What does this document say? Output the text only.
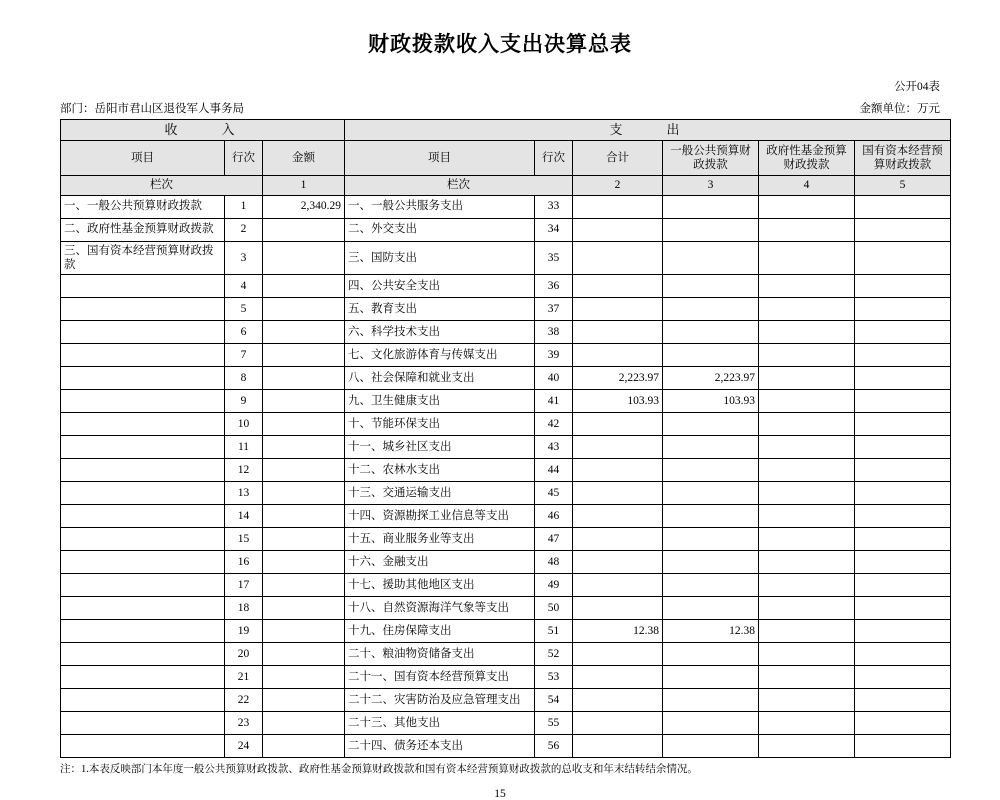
财政拨款收入支出决算总表
公开04表
部门：岳阳市君山区退役军人事务局	金额单位：万元
收　　入			支　　出					
项目	行次	金额	项目	行次	合计	一般公共预算财政拨款	政府性基金预算财政拨款	国有资本经营预算财政拨款
栏次		1	栏次		2	3	4	5
一、一般公共预算财政拨款	1	2,340.29	一、一般公共服务支出	33				
二、政府性基金预算财政拨款	2		二、外交支出	34				
三、国有资本经营预算财政拨款	3		三、国防支出	35				
	4		四、公共安全支出	36				
	5		五、教育支出	37				
	6		六、科学技术支出	38				
	7		七、文化旅游体育与传媒支出	39				
	8		八、社会保障和就业支出	40	2,223.97	2,223.97		
	9		九、卫生健康支出	41	103.93	103.93		
	10		十、节能环保支出	42				
	11		十一、城乡社区支出	43				
	12		十二、农林水支出	44				
	13		十三、交通运输支出	45				
	14		十四、资源勘探工业信息等支出	46				
	15		十五、商业服务业等支出	47				
	16		十六、金融支出	48				
	17		十七、援助其他地区支出	49				
	18		十八、自然资源海洋气象等支出	50				
	19		十九、住房保障支出	51	12.38	12.38		
	20		二十、粮油物资储备支出	52				
	21		二十一、国有资本经营预算支出	53				
	22		二十二、灾害防治及应急管理支出	54				
	23		二十三、其他支出	55				
	24		二十四、债务还本支出	56				
注：1.本表反映部门本年度一般公共预算财政拨款、政府性基金预算财政拨款和国有资本经营预算财政拨款的总收支和年末结转结余情况。
15
